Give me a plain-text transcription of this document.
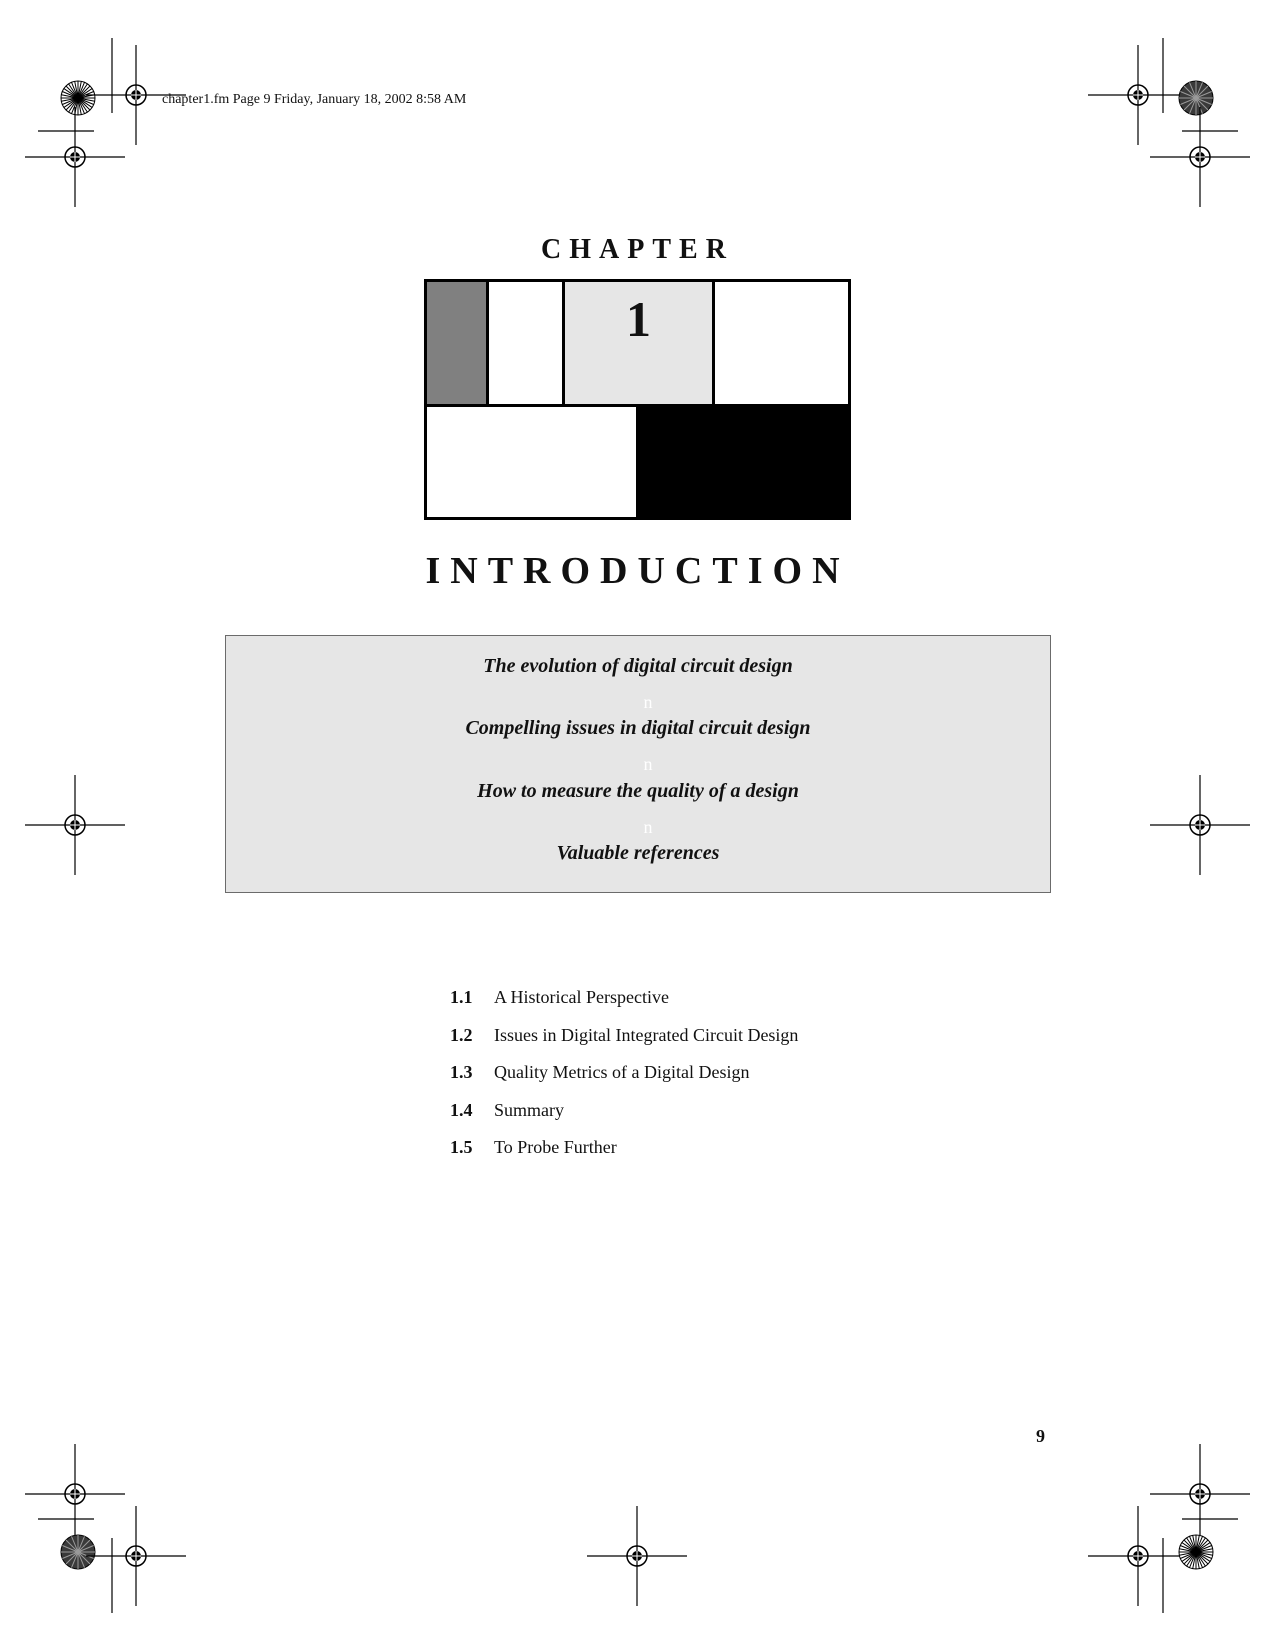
chapter1.fm Page 9 Friday, January 18, 2002 8:58 AM
CHAPTER
1
INTRODUCTION
The evolution of digital circuit design
n
Compelling issues in digital circuit design
n
How to measure the quality of a design
n
Valuable references
1.1	A Historical Perspective
1.2	Issues in Digital Integrated Circuit Design
1.3	Quality Metrics of a Digital Design
1.4	Summary
1.5	To Probe Further
9
